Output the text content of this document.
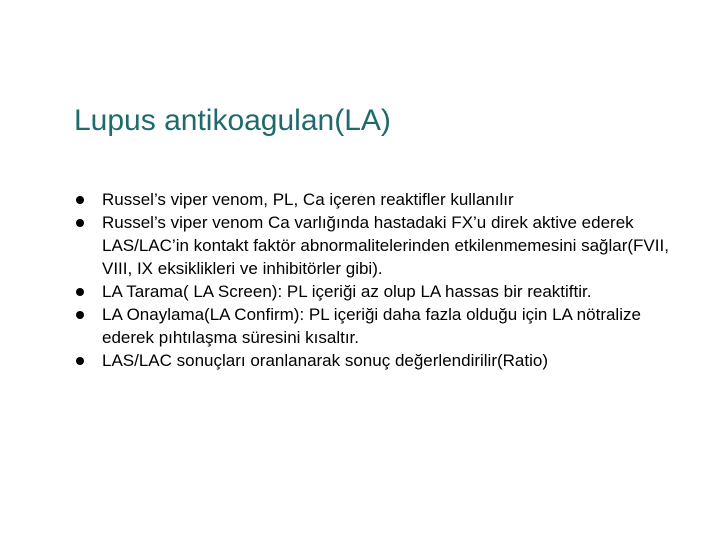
Lupus antikoagulan(LA)
Russel’s viper venom, PL, Ca içeren reaktifler kullanılır
Russel’s viper venom Ca varlığında hastadaki FX’u direk aktive ederek LAS/LAC’in kontakt faktör abnormalitelerinden etkilenmemesini sağlar(FVII, VIII, IX eksiklikleri ve inhibitörler gibi).
LA Tarama( LA Screen): PL içeriği az olup LA hassas bir reaktiftir.
LA Onaylama(LA Confirm): PL içeriği daha fazla olduğu için LA nötralize ederek pıhtılaşma süresini kısaltır.
LAS/LAC sonuçları oranlanarak sonuç değerlendirilir(Ratio)
